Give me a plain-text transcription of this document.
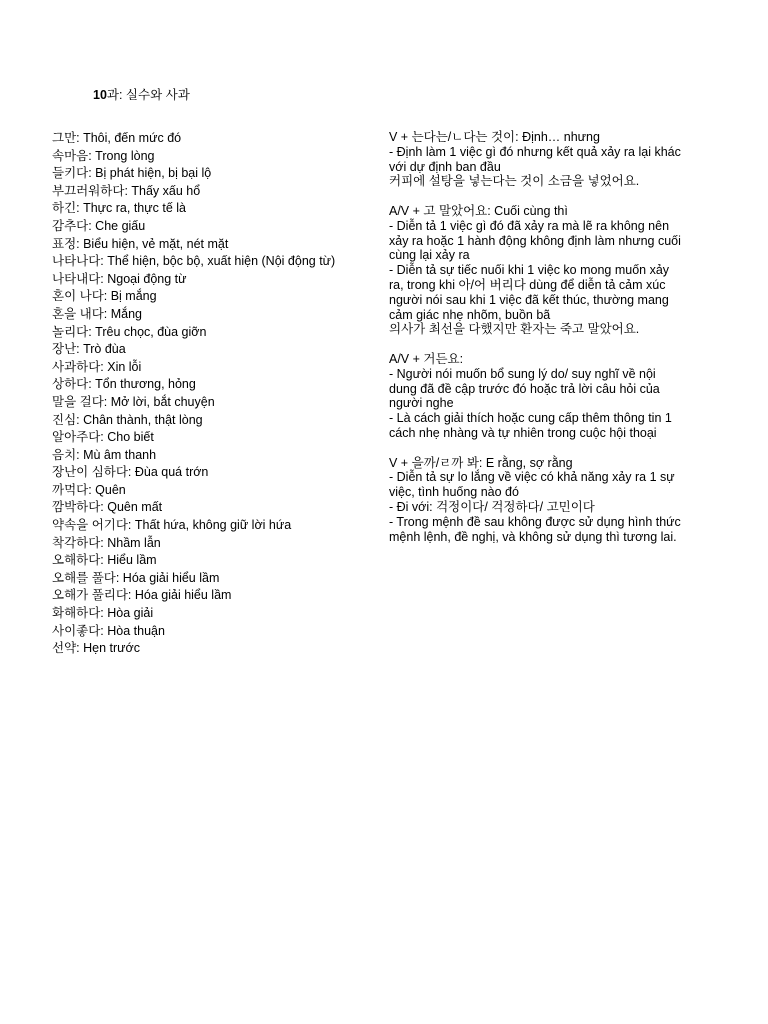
10과: 실수와 사과
그만: Thôi, đến mức đó
속마음: Trong lòng
들키다: Bị phát hiện, bị bại lộ
부끄러워하다: Thấy xấu hổ
하긴: Thực ra, thực tế là
감추다: Che giấu
표정: Biểu hiện, vẻ mặt, nét mặt
나타나다: Thể hiện, bộc bộ, xuất hiện (Nội động từ)
나타내다: Ngoại động từ
혼이 나다: Bị mắng
혼을 내다: Mắng
놀리다: Trêu chọc, đùa giỡn
장난: Trò đùa
사과하다: Xin lỗi
상하다: Tổn thương, hỏng
말을 걸다: Mở lời, bắt chuyện
진심: Chân thành, thật lòng
알아주다: Cho biết
음치: Mù âm thanh
장난이 심하다: Đùa quá trớn
까먹다: Quên
깜박하다: Quên mất
약속을 어기다: Thất hứa, không giữ lời hứa
착각하다: Nhầm lẫn
오해하다: Hiểu lầm
오해를 풀다: Hóa giải hiểu lầm
오해가 풀리다: Hóa giải hiểu lầm
화해하다: Hòa giải
사이좋다: Hòa thuận
선약: Hẹn trước
V + 는다는/ㄴ다는 것이: Định… nhưng
- Định làm 1 việc gì đó nhưng kết quả xảy ra lại khác
với dự định ban đầu
커피에 설탕을 넣는다는 것이 소금을 넣었어요.
A/V + 고 말았어요: Cuối cùng thì
- Diễn tả 1 việc gì đó đã xảy ra mà lẽ ra không nên
xảy ra hoặc 1 hành động không định làm nhưng cuối
cùng lại xảy ra
- Diễn tả sự tiếc nuối khi 1 việc ko mong muốn xảy
ra, trong khi 아/어 버리다 dùng để diễn tả cảm xúc
người nói sau khi 1 việc đã kết thúc, thường mang
cảm giác nhẹ nhõm, buồn bã
의사가 최선을 다했지만 환자는 죽고 말았어요.
A/V + 거든요:
- Người nói muốn bổ sung lý do/ suy nghĩ về nội
dung đã đề cập trước đó hoặc trả lời câu hỏi của
người nghe
- Là cách giải thích hoặc cung cấp thêm thông tin 1
cách nhẹ nhàng và tự nhiên trong cuộc hội thoại
V + 을까/ㄹ까 봐: E rằng, sợ rằng
- Diễn tả sự lo lắng về việc có khả năng xảy ra 1 sự
việc, tình huống nào đó
- Đi với: 걱정이다/ 걱정하다/ 고민이다
- Trong mệnh đề sau không được sử dụng hình thức
mệnh lệnh, đề nghị, và không sử dụng thì tương lai.
